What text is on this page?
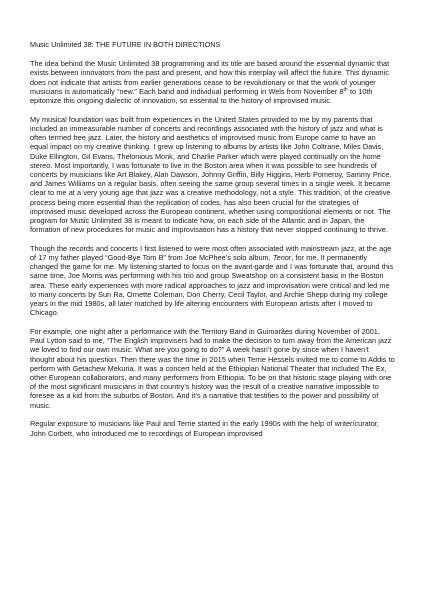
Music Unlimited 38: THE FUTURE IN BOTH DIRECTIONS

The idea behind the Music Unlimited 38 programming and its title are based around the essential dynamic that exists between innovators from the past and present, and how this interplay will affect the future. This dynamic does not indicate that artists from earlier generations cease to be revolutionary or that the work of younger musicians is automatically “new.” Each band and individual performing in Wels from November 8th to 10th epitomize this ongoing dialectic of innovation, so essential to the history of improvised music.

My musical foundation was built from experiences in the United States provided to me by my parents that included an immeasurable number of concerts and recordings associated with the history of jazz and what is often termed free jazz. Later, the history and aesthetics of improvised music from Europe came to have an equal impact on my creative thinking. I grew up listening to albums by artists like John Coltrane, Miles Davis, Duke Ellington, Gil Evans, Thelonious Monk, and Charlie Parker which were played continually on the home stereo. Most importantly, I was fortunate to live in the Boston area when it was possible to see hundreds of concerts by musicians like Art Blakey, Alan Dawson, Johnny Griffin, Billy Higgins, Herb Pomeroy, Sammy Price, and James Williams on a regular basis, often seeing the same group several times in a single week. It became clear to me at a very young age that jazz was a creative methodology, not a style. This tradition, of the creative process being more essential than the replication of codes, has also been crucial for the strategies of improvised music developed across the European continent, whether using compositional elements or not. The program for Music Unlimited 38 is meant to indicate how, on each side of the Atlantic and in Japan, the formation of new procedures for music and improvisation has a history that never stopped continuing to thrive.

Though the records and concerts I first listened to were most often associated with mainstream jazz, at the age of 17 my father played “Good-Bye Tom B” from Joe McPhee’s solo album, Tenor, for me. It permanently changed the game for me. My listening started to focus on the avant-garde and I was fortunate that, around this same time, Joe Morris was performing with his trio and group Sweatshop on a consistent basis in the Boston area. These early experiences with more radical approaches to jazz and improvisation were critical and led me to many concerts by Sun Ra, Ornette Coleman, Don Cherry, Cecil Taylor, and Archie Shepp during my college years in the mid 1980s, all later matched by life altering encounters with European artists after I moved to Chicago.

For example, one night after a performance with the Territory Band in Guimarães during November of 2001, Paul Lytton said to me, “The English improvisers had to make the decision to turn away from the American jazz we loved to find our own music. What are you going to do?” A week hasn’t gone by since when I haven’t thought about his question. Then there was the time in 2015 when Terrie Hessels invited me to come to Addis to perform with Getachew Mekuria. It was a concert held at the Ethiopian National Theater that included The Ex, other European collaborators, and many performers from Ethiopia. To be on that historic stage playing with one of the most significant musicians in that country’s history was the result of a creative narrative impossible to foresee as a kid from the suburbs of Boston. And it’s a narrative that testifies to the power and possibility of music.

Regular exposure to musicians like Paul and Terrie started in the early 1990s with the help of writer/curator, John Corbett, who introduced me to recordings of European improvised
